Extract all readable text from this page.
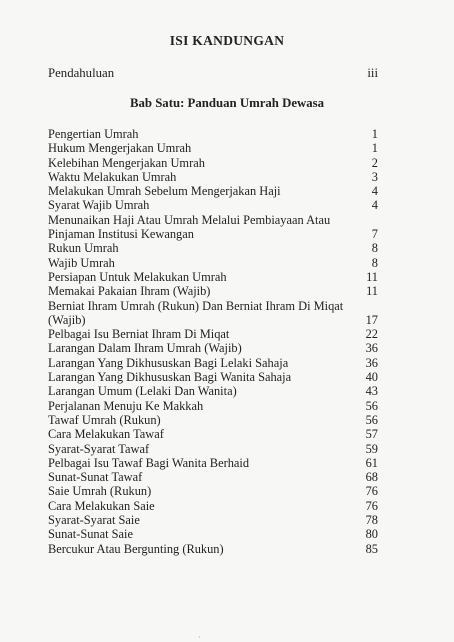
ISI KANDUNGAN
Pendahuluan	iii
Bab Satu: Panduan Umrah Dewasa
Pengertian Umrah	1
Hukum Mengerjakan Umrah	1
Kelebihan Mengerjakan Umrah	2
Waktu Melakukan Umrah	3
Melakukan Umrah Sebelum Mengerjakan Haji	4
Syarat Wajib Umrah	4
Menunaikan Haji Atau Umrah Melalui Pembiayaan Atau
Pinjaman Institusi Kewangan	7
Rukun Umrah	8
Wajib Umrah	8
Persiapan Untuk Melakukan Umrah	11
Memakai Pakaian Ihram (Wajib)	11
Berniat Ihram Umrah (Rukun) Dan Berniat Ihram Di Miqat
(Wajib)	17
Pelbagai Isu Berniat Ihram Di Miqat	22
Larangan Dalam Ihram Umrah (Wajib)	36
Larangan Yang Dikhususkan Bagi Lelaki Sahaja	36
Larangan Yang Dikhususkan Bagi Wanita Sahaja	40
Larangan Umum (Lelaki Dan Wanita)	43
Perjalanan Menuju Ke Makkah	56
Tawaf Umrah (Rukun)	56
Cara Melakukan Tawaf	57
Syarat-Syarat Tawaf	59
Pelbagai Isu Tawaf Bagi Wanita Berhaid	61
Sunat-Sunat Tawaf	68
Saie Umrah (Rukun)	76
Cara Melakukan Saie	76
Syarat-Syarat Saie	78
Sunat-Sunat Saie	80
Bercukur Atau Bergunting (Rukun)	85
·
